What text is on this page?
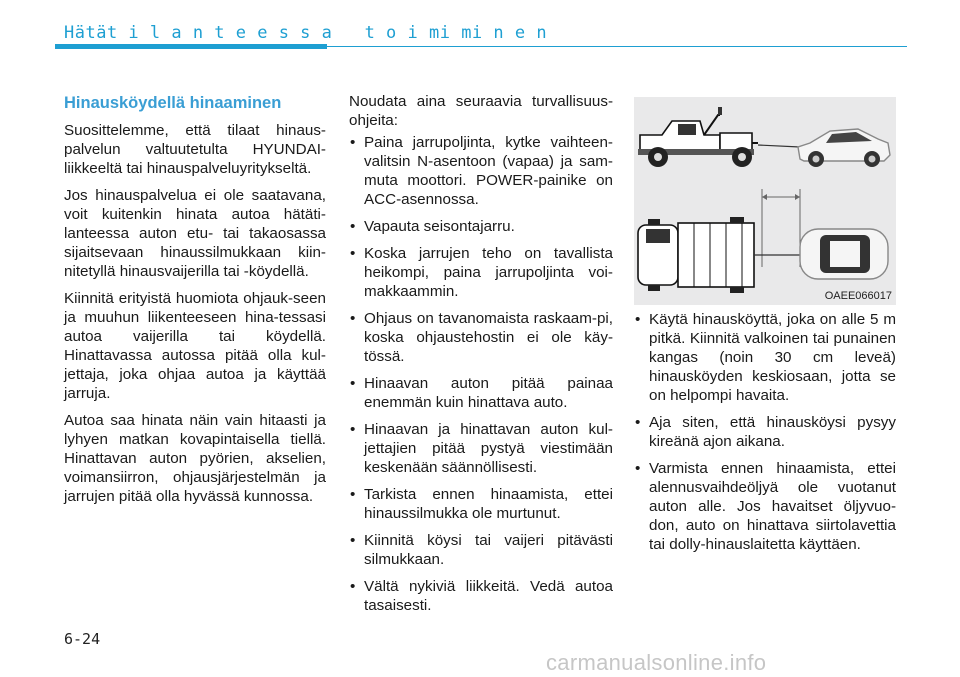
Hätät i l a n t e e s s a   t o i mi mi n e n
Hinausköydellä hinaaminen

Suosittelemme, että tilaat hinaus-palvelun valtuutetulta HYUNDAI-liikkeeltä tai hinauspalveluyritykseltä.

Jos hinauspalvelua ei ole saatavana, voit kuitenkin hinata autoa hätäti-lanteessa auton etu- tai takaosassa sijaitsevaan hinaussilmukkaan kiin-nitetyllä hinausvaijerilla tai -köydellä.

Kiinnitä erityistä huomiota ohjauk-seen ja muuhun liikenteeseen hina-tessasi autoa vaijerilla tai köydellä. Hinattavassa autossa pitää olla kul-jettaja, joka ohjaa autoa ja käyttää jarruja.

Autoa saa hinata näin vain hitaasti ja lyhyen matkan kovapintaisella tiellä. Hinattavan auton pyörien, akselien, voimansiirron, ohjausjärjestelmän ja jarrujen pitää olla hyvässä kunnossa.

Noudata aina seuraavia turvallisuus-ohjeita:

• Paina jarrupoljinta, kytke vaihteen-valitsin N-asentoon (vapaa) ja sam-muta moottori. POWER-painike on ACC-asennossa.
• Vapauta seisontajarru.
• Koska jarrujen teho on tavallista heikompi, paina jarrupoljinta voi-makkaammin.
• Ohjaus on tavanomaista raskaam-pi, koska ohjaustehostin ei ole käy-tössä.
• Hinaavan auton pitää painaa enemmän kuin hinattava auto.
• Hinaavan ja hinattavan auton kul-jettajien pitää pystyä viestimään keskenään säännöllisesti.
• Tarkista ennen hinaamista, ettei hinaussilmukka ole murtunut.
• Kiinnitä köysi tai vaijeri pitävästi silmukkaan.
• Vältä nykiviä liikkeitä. Vedä autoa tasaisesti.
OAEE066017
• Käytä hinausköyttä, joka on alle 5 m pitkä. Kiinnitä valkoinen tai punainen kangas (noin 30 cm leveä) hinausköyden keskiosaan, jotta se on helpompi havaita.
• Aja siten, että hinausköysi pysyy kireänä ajon aikana.
• Varmista ennen hinaamista, ettei alennusvaihdeöljyä ole vuotanut auton alle. Jos havaitset öljyvuo-don, auto on hinattava siirtolavettia tai dolly-hinauslaitetta käyttäen.
6-24
carmanualsonline.info
